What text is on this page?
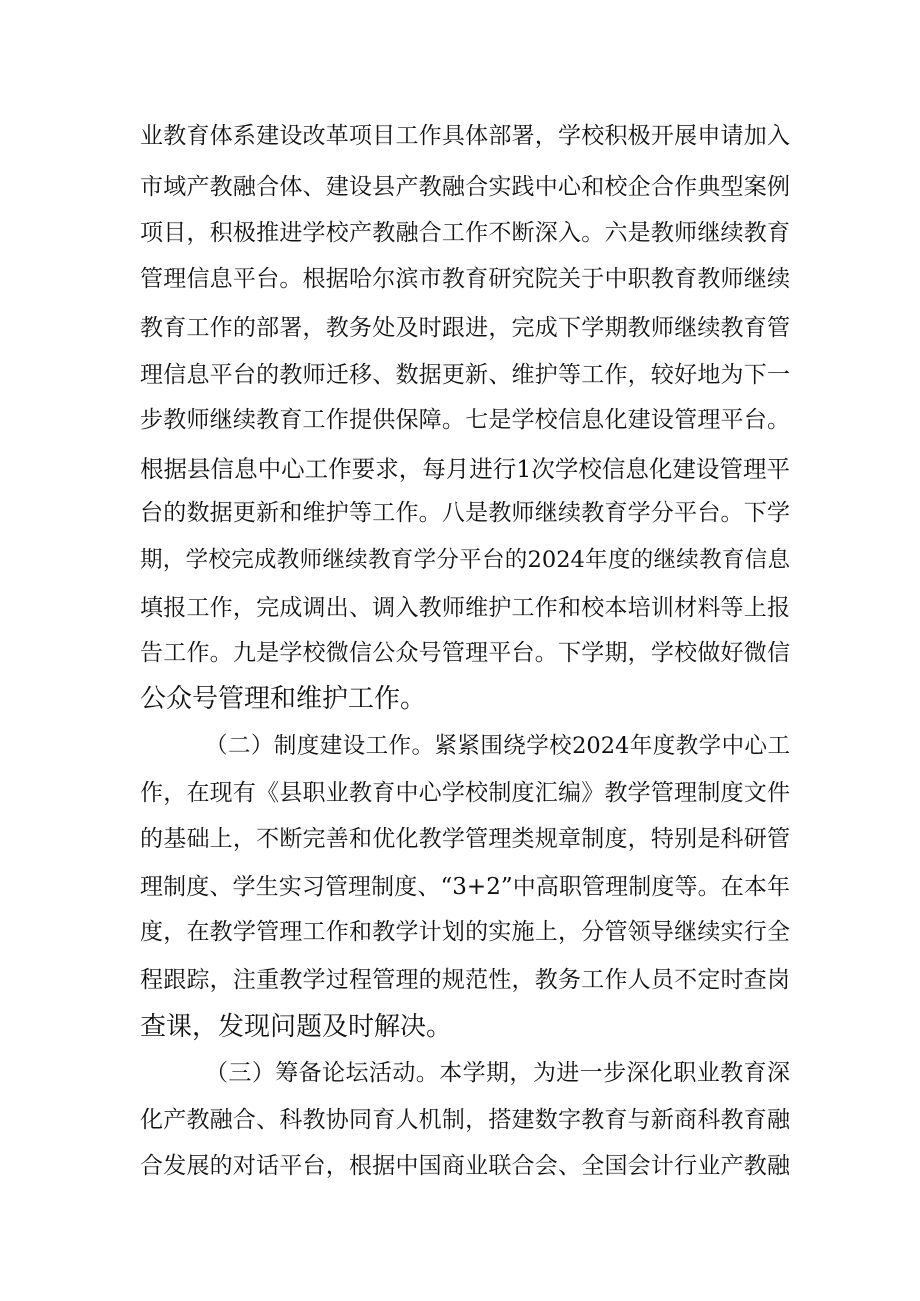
业教育体系建设改革项目工作具体部署，学校积极开展申请加入
市域产教融合体、建设县产教融合实践中心和校企合作典型案例
项目，积极推进学校产教融合工作不断深入。六是教师继续教育
管理信息平台。根据哈尔滨市教育研究院关于中职教育教师继续
教育工作的部署，教务处及时跟进，完成下学期教师继续教育管
理信息平台的教师迁移、数据更新、维护等工作，较好地为下一
步教师继续教育工作提供保障。七是学校信息化建设管理平台。
根据县信息中心工作要求，每月进行1次学校信息化建设管理平
台的数据更新和维护等工作。八是教师继续教育学分平台。下学
期，学校完成教师继续教育学分平台的2024年度的继续教育信息
填报工作，完成调出、调入教师维护工作和校本培训材料等上报
告工作。九是学校微信公众号管理平台。下学期，学校做好微信
公众号管理和维护工作。
（二）制度建设工作。紧紧围绕学校2024年度教学中心工
作，在现有《县职业教育中心学校制度汇编》教学管理制度文件
的基础上，不断完善和优化教学管理类规章制度，特别是科研管
理制度、学生实习管理制度、“3+2”中高职管理制度等。在本年
度，在教学管理工作和教学计划的实施上，分管领导继续实行全
程跟踪，注重教学过程管理的规范性，教务工作人员不定时查岗
查课，发现问题及时解决。
（三）筹备论坛活动。本学期，为进一步深化职业教育深
化产教融合、科教协同育人机制，搭建数字教育与新商科教育融
合发展的对话平台，根据中国商业联合会、全国会计行业产教融
